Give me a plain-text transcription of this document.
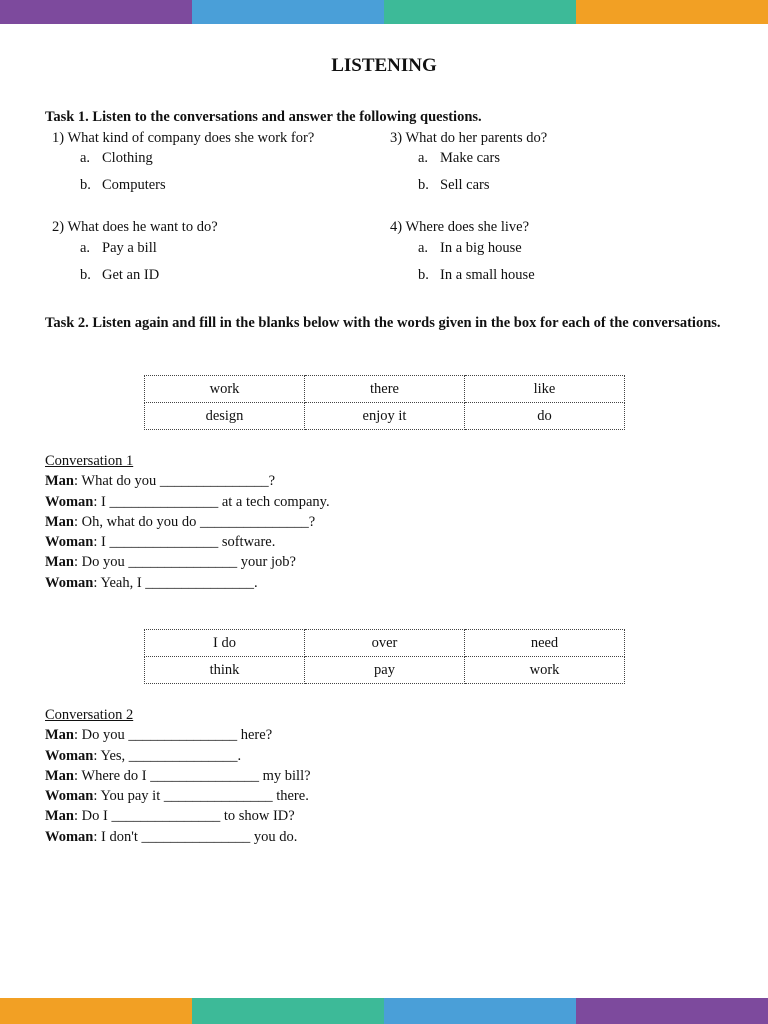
LISTENING
Task 1. Listen to the conversations and answer the following questions.
1) What kind of company does she work for?
a. Clothing
b. Computers
2) What does he want to do?
a. Pay a bill
b. Get an ID
3) What do her parents do?
a. Make cars
b. Sell cars
4) Where does she live?
a. In a big house
b. In a small house
Task 2. Listen again and fill in the blanks below with the words given in the box for each of the conversations.
work	there	like
design	enjoy it	do
Conversation 1
Man: What do you _______________?
Woman: I _______________ at a tech company.
Man: Oh, what do you do _______________?
Woman: I _______________ software.
Man: Do you _______________ your job?
Woman: Yeah, I _______________.
I do	over	need
think	pay	work
Conversation 2
Man: Do you _______________ here?
Woman: Yes, _______________.
Man: Where do I _______________ my bill?
Woman: You pay it _______________ there.
Man: Do I _______________ to show ID?
Woman: I don't _______________ you do.
